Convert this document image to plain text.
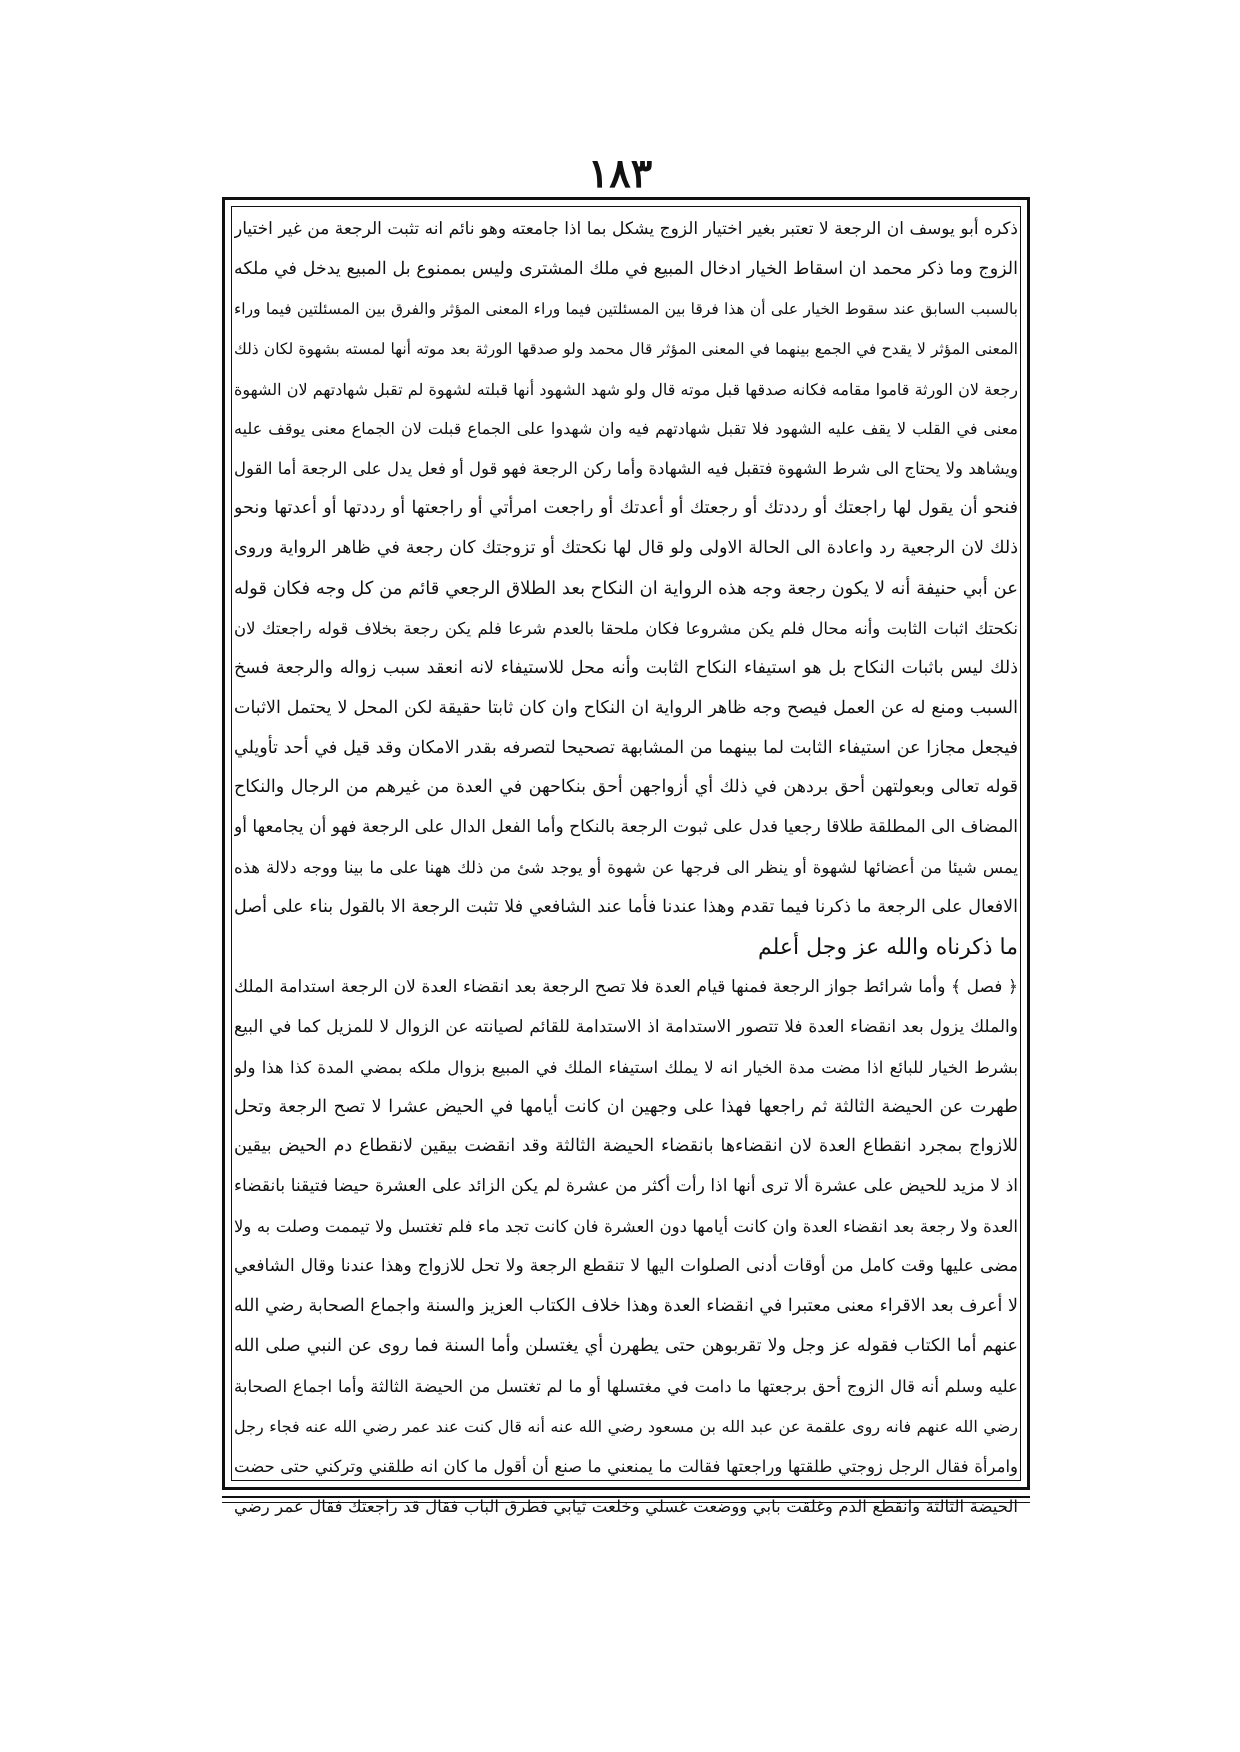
۱۸۳
ذكره أبو يوسف ان الرجعة لا تعتبر بغير اختيار الزوج يشكل بما اذا جامعته وهو نائم انه تثبت الرجعة من غير اختيار
الزوج وما ذكر محمد ان اسقاط الخيار ادخال المبيع في ملك المشترى وليس بممنوع بل المبيع يدخل في ملكه
بالسبب السابق عند سقوط الخيار على أن هذا فرقا بين المسئلتين فيما وراء المعنى المؤثر والفرق بين المسئلتين فيما وراء
المعنى المؤثر لا يقدح في الجمع بينهما في المعنى المؤثر قال محمد ولو صدقها الورثة بعد موته أنها لمسته بشهوة لكان ذلك
رجعة لان الورثة قاموا مقامه فكانه صدقها قبل موته قال ولو شهد الشهود أنها قبلته لشهوة لم تقبل شهادتهم لان الشهوة
معنى في القلب لا يقف عليه الشهود فلا تقبل شهادتهم فيه وان شهدوا على الجماع قبلت لان الجماع معنى يوقف عليه
ويشاهد ولا يحتاج الى شرط الشهوة فتقبل فيه الشهادة وأما ركن الرجعة فهو قول أو فعل يدل على الرجعة أما القول
فنحو أن يقول لها راجعتك أو رددتك أو رجعتك أو أعدتك أو راجعت امرأتي أو راجعتها أو رددتها أو أعدتها ونحو
ذلك لان الرجعية رد واعادة الى الحالة الاولى ولو قال لها نكحتك أو تزوجتك كان رجعة في ظاهر الرواية وروى
عن أبي حنيفة أنه لا يكون رجعة وجه هذه الرواية ان النكاح بعد الطلاق الرجعي قائم من كل وجه فكان قوله
نكحتك اثبات الثابت وأنه محال فلم يكن مشروعا فكان ملحقا بالعدم شرعا فلم يكن رجعة بخلاف قوله راجعتك لان
ذلك ليس باثبات النكاح بل هو استيفاء النكاح الثابت وأنه محل للاستيفاء لانه انعقد سبب زواله والرجعة فسخ
السبب ومنع له عن العمل فيصح وجه ظاهر الرواية ان النكاح وان كان ثابتا حقيقة لكن المحل لا يحتمل الاثبات
فيجعل مجازا عن استيفاء الثابت لما بينهما من المشابهة تصحيحا لتصرفه بقدر الامكان وقد قيل في أحد تأويلي
قوله تعالى وبعولتهن أحق بردهن في ذلك أي أزواجهن أحق بنكاحهن في العدة من غيرهم من الرجال والنكاح
المضاف الى المطلقة طلاقا رجعيا فدل على ثبوت الرجعة بالنكاح وأما الفعل الدال على الرجعة فهو أن يجامعها أو
يمس شيئا من أعضائها لشهوة أو ينظر الى فرجها عن شهوة أو يوجد شئ من ذلك ههنا على ما بينا ووجه دلالة هذه
الافعال على الرجعة ما ذكرنا فيما تقدم وهذا عندنا فأما عند الشافعي فلا تثبت الرجعة الا بالقول بناء على أصل
ما ذكرناه والله عز وجل أعلم
﴿ فصل ﴾ وأما شرائط جواز الرجعة فمنها قيام العدة فلا تصح الرجعة بعد انقضاء العدة لان الرجعة استدامة الملك
والملك يزول بعد انقضاء العدة فلا تتصور الاستدامة اذ الاستدامة للقائم لصيانته عن الزوال لا للمزيل كما في البيع
بشرط الخيار للبائع اذا مضت مدة الخيار انه لا يملك استيفاء الملك في المبيع بزوال ملكه بمضي المدة كذا هذا ولو
طهرت عن الحيضة الثالثة ثم راجعها فهذا على وجهين ان كانت أيامها في الحيض عشرا لا تصح الرجعة وتحل
للازواج بمجرد انقطاع العدة لان انقضاءها بانقضاء الحيضة الثالثة وقد انقضت بيقين لانقطاع دم الحيض بيقين
اذ لا مزيد للحيض على عشرة ألا ترى أنها اذا رأت أكثر من عشرة لم يكن الزائد على العشرة حيضا فتيقنا بانقضاء
العدة ولا رجعة بعد انقضاء العدة وان كانت أيامها دون العشرة فان كانت تجد ماء فلم تغتسل ولا تيممت وصلت به ولا
مضى عليها وقت كامل من أوقات أدنى الصلوات اليها لا تنقطع الرجعة ولا تحل للازواج وهذا عندنا وقال الشافعي
لا أعرف بعد الاقراء معنى معتبرا في انقضاء العدة وهذا خلاف الكتاب العزيز والسنة واجماع الصحابة رضي الله
عنهم أما الكتاب فقوله عز وجل ولا تقربوهن حتى يطهرن أي يغتسلن وأما السنة فما روى عن النبي صلى الله
عليه وسلم أنه قال الزوج أحق برجعتها ما دامت في مغتسلها أو ما لم تغتسل من الحيضة الثالثة وأما اجماع الصحابة
رضي الله عنهم فانه روى علقمة عن عبد الله بن مسعود رضي الله عنه أنه قال كنت عند عمر رضي الله عنه فجاء رجل
وامرأة فقال الرجل زوجتي طلقتها وراجعتها فقالت ما يمنعني ما صنع أن أقول ما كان انه طلقني وتركني حتى حضت
الحيضة الثالثة وانقطع الدم وغلقت بابي ووضعت غسلي وخلعت ثيابي فطرق الباب فقال قد راجعتك فقال عمر رضي
